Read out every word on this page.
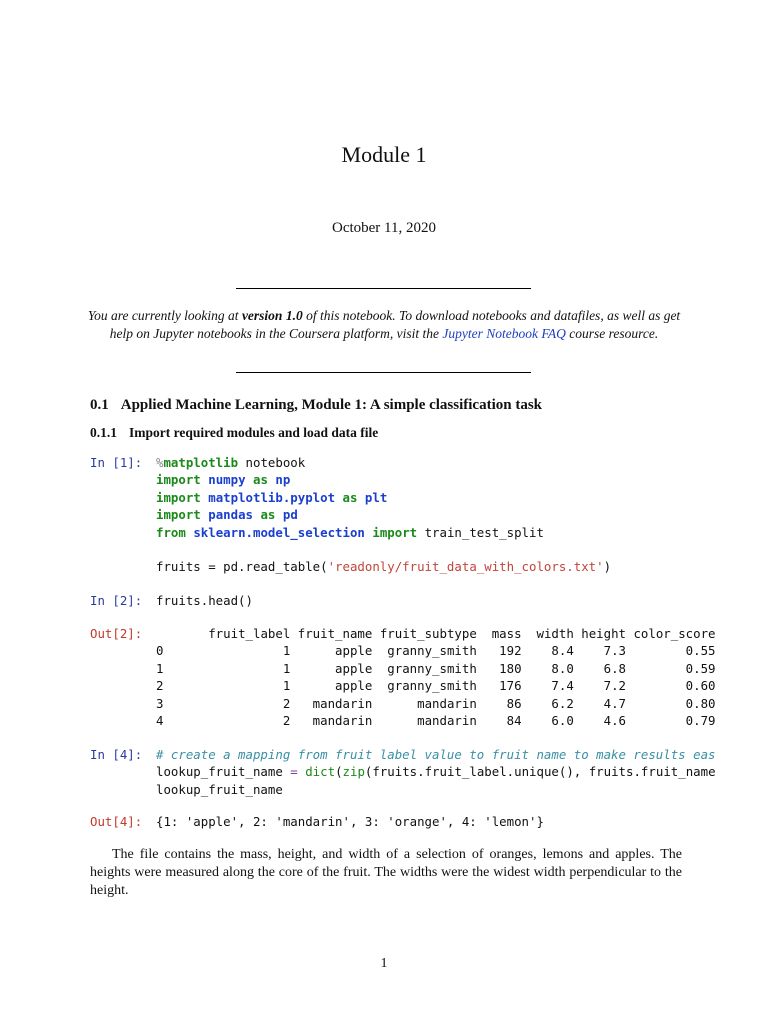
Module 1
October 11, 2020
You are currently looking at version 1.0 of this notebook. To download notebooks and datafiles, as well as get help on Jupyter notebooks in the Coursera platform, visit the Jupyter Notebook FAQ course resource.
0.1 Applied Machine Learning, Module 1: A simple classification task
0.1.1 Import required modules and load data file
In [1]: %matplotlib notebook
import numpy as np
import matplotlib.pyplot as plt
import pandas as pd
from sklearn.model_selection import train_test_split

fruits = pd.read_table('readonly/fruit_data_with_colors.txt')
In [2]: fruits.head()
Out[2]:	fruit_label fruit_name fruit_subtype  mass  width height color_score
0                1      apple  granny_smith   192    8.4    7.3        0.55
1                1      apple  granny_smith   180    8.0    6.8        0.59
2                1      apple  granny_smith   176    7.4    7.2        0.60
3                2   mandarin      mandarin    86    6.2    4.7        0.80
4                2   mandarin      mandarin    84    6.0    4.6        0.79
In [4]: # create a mapping from fruit label value to fruit name to make results eas
lookup_fruit_name = dict(zip(fruits.fruit_label.unique(), fruits.fruit_name
lookup_fruit_name
Out[4]: {1: 'apple', 2: 'mandarin', 3: 'orange', 4: 'lemon'}
The file contains the mass, height, and width of a selection of oranges, lemons and apples. The heights were measured along the core of the fruit. The widths were the widest width perpendicular to the height.
1
